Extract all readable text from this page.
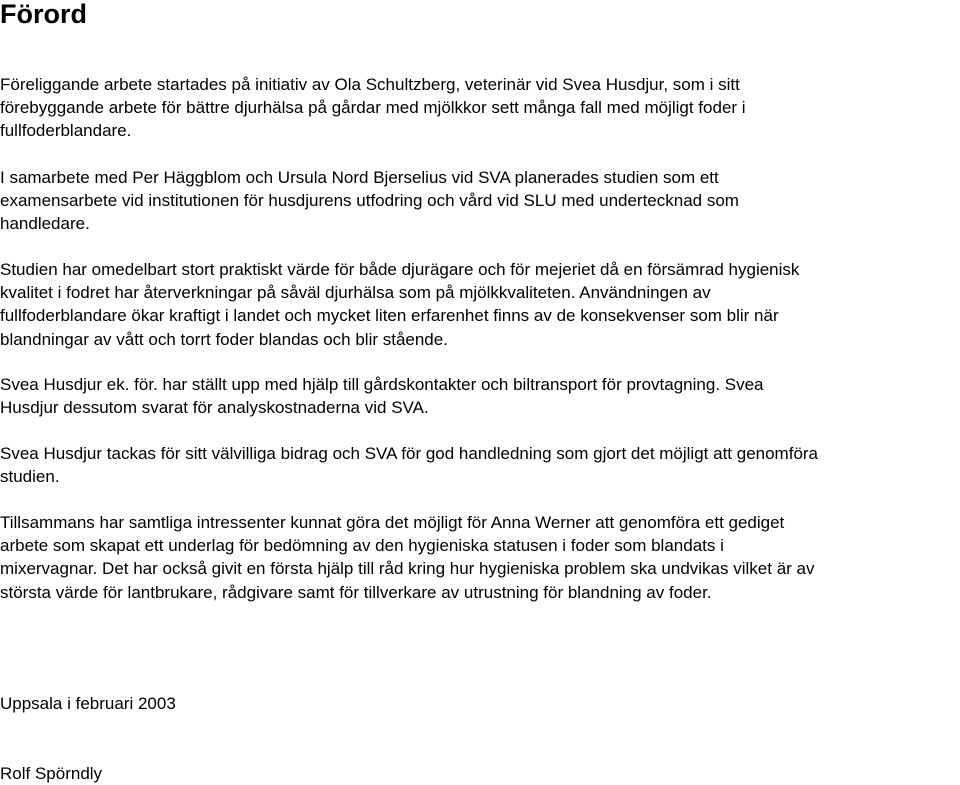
Förord

Föreliggande arbete startades på initiativ av Ola Schultzberg, veterinär vid Svea Husdjur, som i sitt
förebyggande arbete för bättre djurhälsa på gårdar med mjölkkor sett många fall med möjligt foder i
fullfoderblandare.

I samarbete med Per Häggblom och Ursula Nord Bjerselius vid SVA planerades studien som ett
examensarbete vid institutionen för husdjurens utfodring och vård vid SLU med undertecknad som
handledare.

Studien har omedelbart stort praktiskt värde för både djurägare och för mejeriet då en försämrad hygienisk
kvalitet i fodret har återverkningar på såväl djurhälsa som på mjölkkvaliteten. Användningen av
fullfoderblandare ökar kraftigt i landet och mycket liten erfarenhet finns av de konsekvenser som blir när
blandningar av vått och torrt foder blandas och blir stående.

Svea Husdjur ek. för. har ställt upp med hjälp till gårdskontakter och biltransport för provtagning. Svea
Husdjur dessutom svarat för analyskostnaderna vid SVA.

Svea Husdjur tackas för sitt välvilliga bidrag och SVA för god handledning som gjort det möjligt att genomföra
studien.

Tillsammans har samtliga intressenter kunnat göra det möjligt för Anna Werner att genomföra ett gediget
arbete som skapat ett underlag för bedömning av den hygieniska statusen i foder som blandats i
mixervagnar. Det har också givit en första hjälp till råd kring hur hygieniska problem ska undvikas vilket är av
största värde för lantbrukare, rådgivare samt för tillverkare av utrustning för blandning av foder.

Uppsala i februari 2003

Rolf Spörndly
